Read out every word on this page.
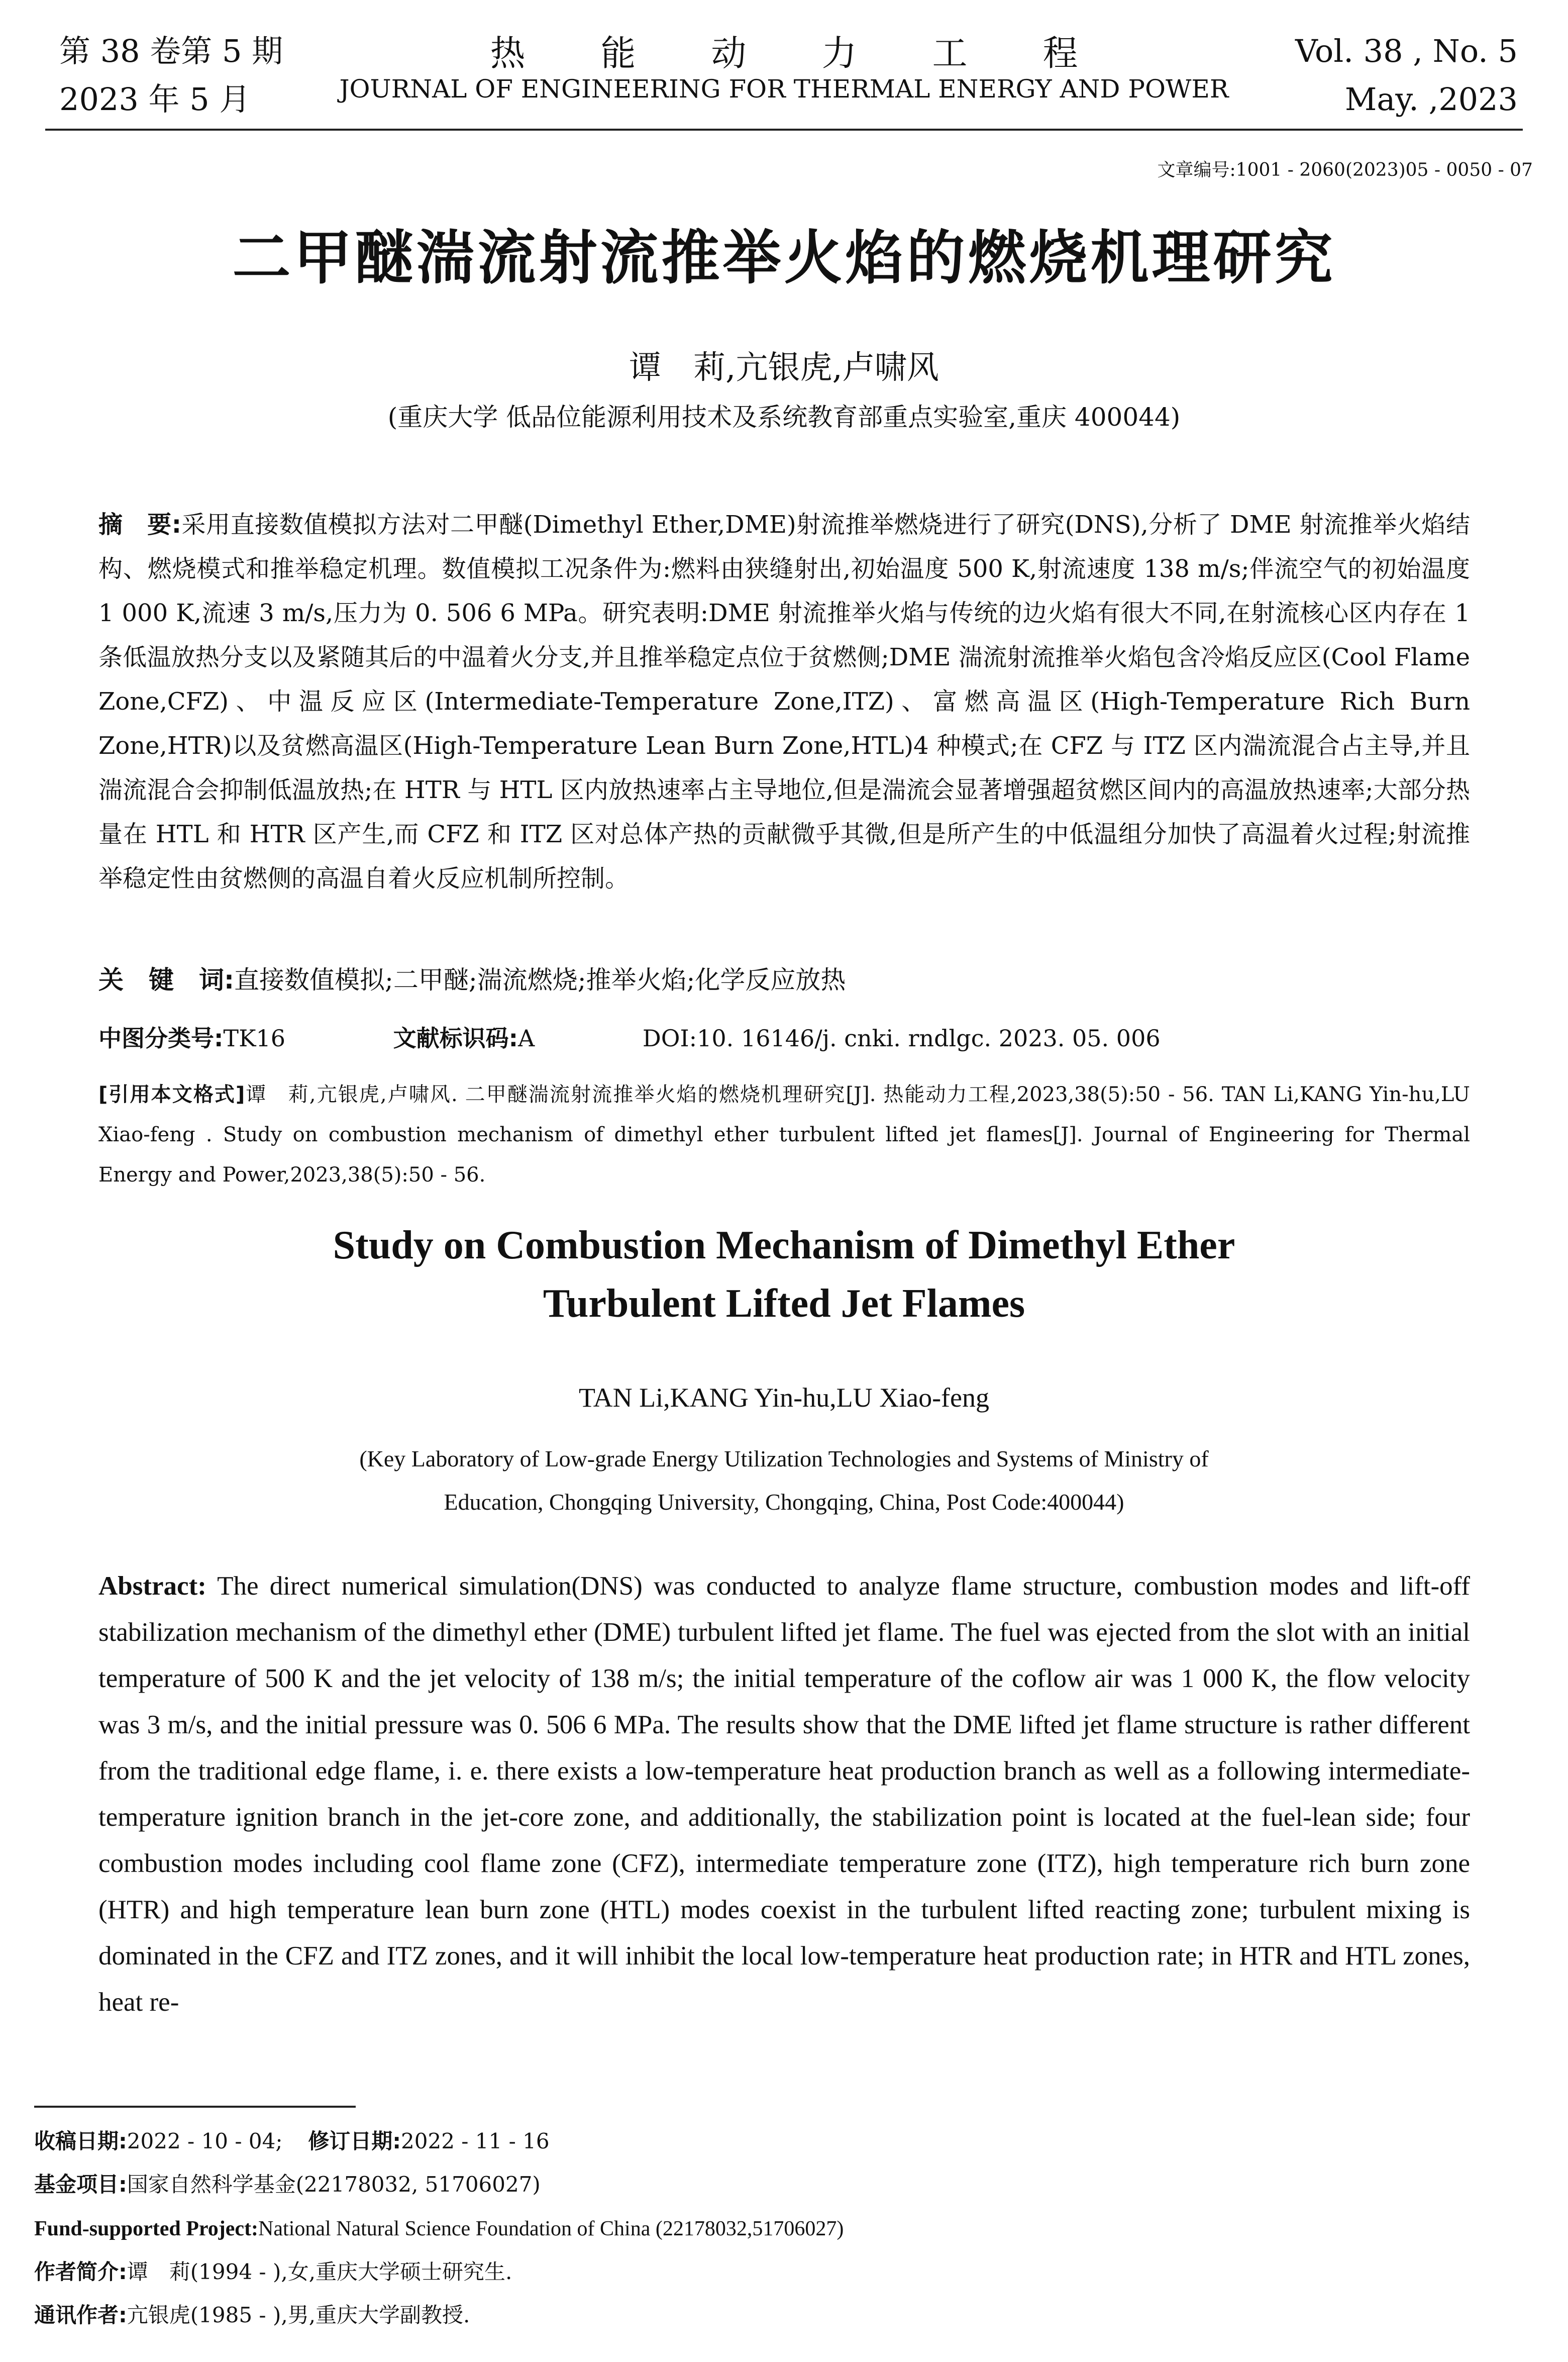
第 38 卷第 5 期
2023 年 5 月
热能动力工程
JOURNAL OF ENGINEERING FOR THERMAL ENERGY AND POWER
Vol. 38 , No. 5
May. ,2023
文章编号:1001 - 2060(2023)05 - 0050 - 07
二甲醚湍流射流推举火焰的燃烧机理研究
谭　莉,亢银虎,卢啸风
(重庆大学 低品位能源利用技术及系统教育部重点实验室,重庆 400044)
摘　要:采用直接数值模拟方法对二甲醚(Dimethyl Ether,DME)射流推举燃烧进行了研究(DNS),分析了 DME 射流推举火焰结构、燃烧模式和推举稳定机理。数值模拟工况条件为:燃料由狭缝射出,初始温度 500 K,射流速度 138 m/s;伴流空气的初始温度 1 000 K,流速 3 m/s,压力为 0. 506 6 MPa。研究表明:DME 射流推举火焰与传统的边火焰有很大不同,在射流核心区内存在 1 条低温放热分支以及紧随其后的中温着火分支,并且推举稳定点位于贫燃侧;DME 湍流射流推举火焰包含冷焰反应区(Cool Flame Zone,CFZ)、中温反应区(Intermediate-Temperature Zone,ITZ)、富燃高温区(High-Temperature Rich Burn Zone,HTR)以及贫燃高温区(High-Temperature Lean Burn Zone,HTL)4 种模式;在 CFZ 与 ITZ 区内湍流混合占主导,并且湍流混合会抑制低温放热;在 HTR 与 HTL 区内放热速率占主导地位,但是湍流会显著增强超贫燃区间内的高温放热速率;大部分热量在 HTL 和 HTR 区产生,而 CFZ 和 ITZ 区对总体产热的贡献微乎其微,但是所产生的中低温组分加快了高温着火过程;射流推举稳定性由贫燃侧的高温自着火反应机制所控制。
关　键　词:直接数值模拟;二甲醚;湍流燃烧;推举火焰;化学反应放热
中图分类号:TK16	文献标识码:A	DOI:10. 16146/j. cnki. rndlgc. 2023. 05. 006
[引用本文格式]谭　莉,亢银虎,卢啸风. 二甲醚湍流射流推举火焰的燃烧机理研究[J]. 热能动力工程,2023,38(5):50 - 56. TAN Li,KANG Yin-hu,LU Xiao-feng . Study on combustion mechanism of dimethyl ether turbulent lifted jet flames[J]. Journal of Engineering for Thermal Energy and Power,2023,38(5):50 - 56.
Study on Combustion Mechanism of Dimethyl Ether
Turbulent Lifted Jet Flames
TAN Li,KANG Yin-hu,LU Xiao-feng
(Key Laboratory of Low-grade Energy Utilization Technologies and Systems of Ministry of
Education, Chongqing University, Chongqing, China, Post Code:400044)
Abstract: The direct numerical simulation(DNS) was conducted to analyze flame structure, combustion modes and lift-off stabilization mechanism of the dimethyl ether (DME) turbulent lifted jet flame. The fuel was ejected from the slot with an initial temperature of 500 K and the jet velocity of 138 m/s; the initial temperature of the coflow air was 1 000 K, the flow velocity was 3 m/s, and the initial pressure was 0. 506 6 MPa. The results show that the DME lifted jet flame structure is rather different from the traditional edge flame, i. e. there exists a low-temperature heat production branch as well as a following intermediate-temperature ignition branch in the jet-core zone, and additionally, the stabilization point is located at the fuel-lean side; four combustion modes including cool flame zone (CFZ), intermediate temperature zone (ITZ), high temperature rich burn zone (HTR) and high temperature lean burn zone (HTL) modes coexist in the turbulent lifted reacting zone; turbulent mixing is dominated in the CFZ and ITZ zones, and it will inhibit the local low-temperature heat production rate; in HTR and HTL zones, heat re-
收稿日期:2022 - 10 - 04; 修订日期:2022 - 11 - 16
基金项目:国家自然科学基金(22178032, 51706027)
Fund-supported Project:National Natural Science Foundation of China (22178032,51706027)
作者简介:谭　莉(1994 - ),女,重庆大学硕士研究生.
通讯作者:亢银虎(1985 - ),男,重庆大学副教授.
